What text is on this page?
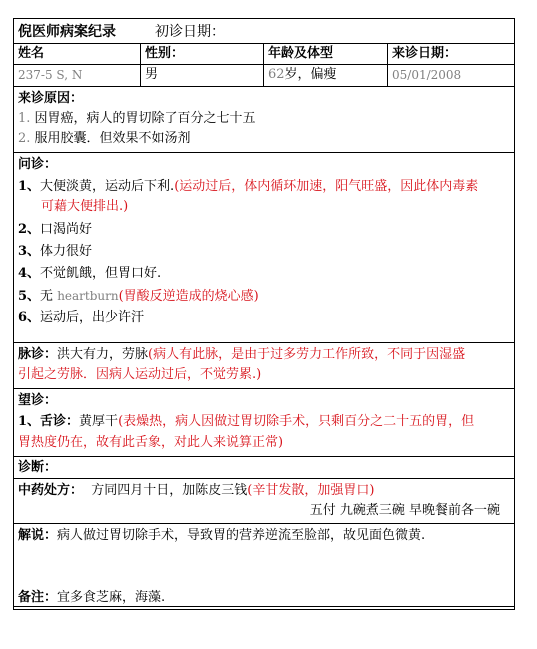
倪医师病案纪录	初诊日期：
姓名	性别：	年龄及体型	来诊日期：
237-5 S, N	男	62岁，偏瘦	05/01/2008
来诊原因：
1. 因胃癌，病人的胃切除了百分之七十五
2. 服用胶囊．但效果不如汤剂
问诊：
1、大便淡黄，运动后下利.(运动过后，体内循环加速，阳气旺盛，因此体内毒素
可藉大便排出.)
2、口渴尚好
3、体力很好
4、不觉飢餓，但胃口好.
5、无 heartburn(胃酸反逆造成的烧心感)
6、运动后，出少许汗
脉诊：洪大有力，劳脉(病人有此脉，是由于过多劳力工作所致，不同于因湿盛
引起之劳脉．因病人运动过后，不觉劳累.)
望诊：
1、舌诊：黄厚干(表燥热，病人因做过胃切除手术，只剩百分之二十五的胃，但
胃热度仍在，故有此舌象，对此人来说算正常)
诊断：
中药处方： 方同四月十日，加陈皮三钱(辛甘发散，加强胃口)
五付 九碗煮三碗 早晚餐前各一碗
解说：病人做过胃切除手术，导致胃的营养逆流至脸部，故见面色微黄.
备注：宜多食芝麻，海藻.
